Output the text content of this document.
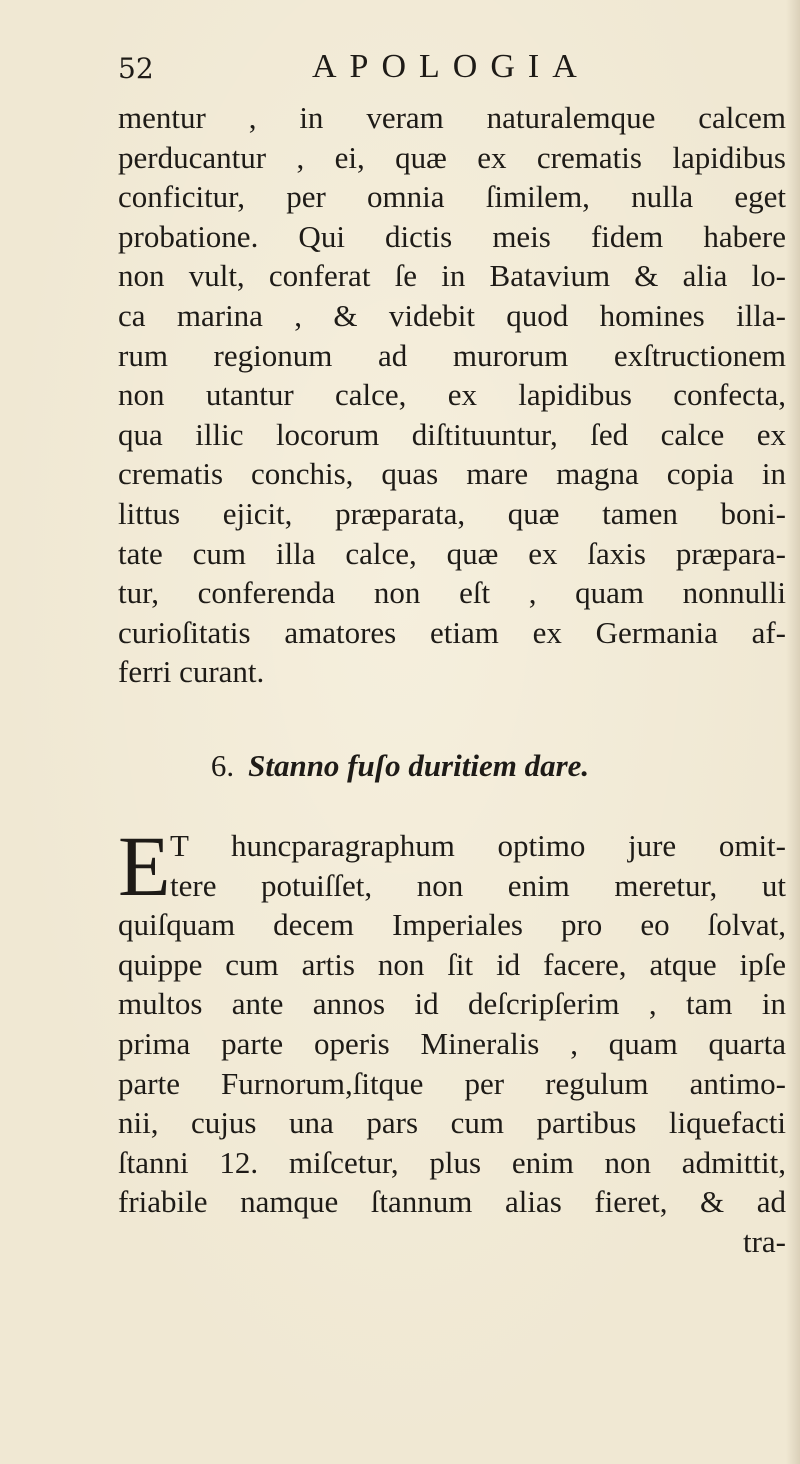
52	APOLOGIA
mentur , in veram naturalemque calcem
perducantur , ei, quæ ex crematis lapidibus
conficitur, per omnia ſimilem, nulla eget
probatione. Qui dictis meis fidem habere
non vult, conferat ſe in Batavium & alia lo-
ca marina , & videbit quod homines illa-
rum regionum ad murorum exſtructionem
non utantur calce, ex lapidibus confecta,
qua illic locorum diſtituuntur, ſed calce ex
crematis conchis, quas mare magna copia in
littus ejicit, præparata, quæ tamen boni-
tate cum illa calce, quæ ex ſaxis præpara-
tur, conferenda non eſt , quam nonnulli
curioſitatis amatores etiam ex Germania af-
ferri curant.
6. Stanno fuſo duritiem dare.
E T huncparagraphum optimo jure omit-
tere potuiſſet, non enim meretur, ut
quiſquam decem Imperiales pro eo ſolvat,
quippe cum artis non ſit id facere, atque ipſe
multos ante annos id deſcripſerim , tam in
prima parte operis Mineralis , quam quarta
parte Furnorum,ſitque per regulum antimo-
nii, cujus una pars cum partibus liquefacti
ſtanni 12. miſcetur, plus enim non admittit,
friabile namque ſtannum alias fieret, & ad
tra-
